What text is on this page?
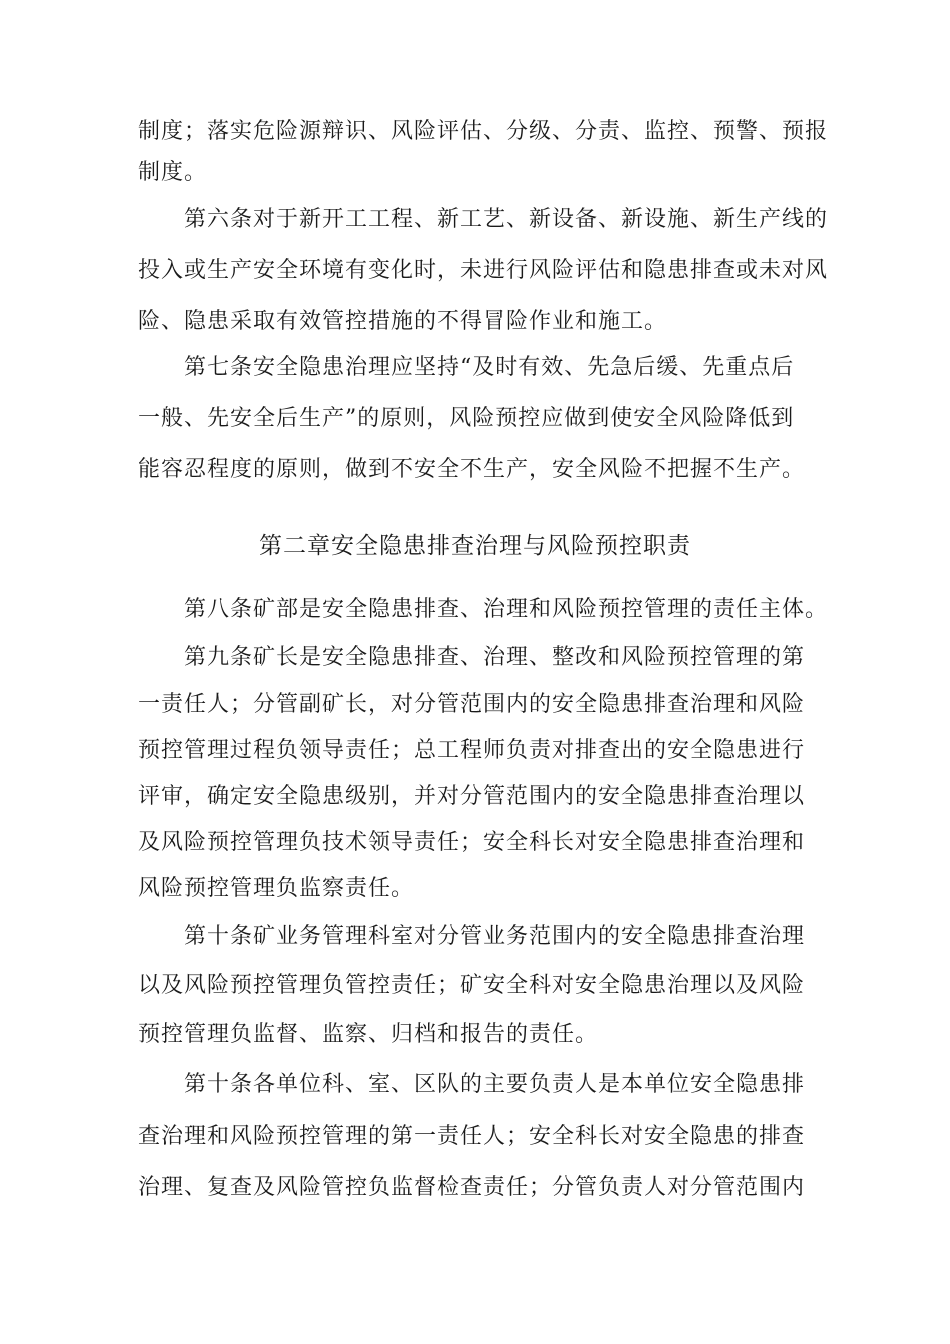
制度；落实危险源辩识、风险评估、分级、分责、监控、预警、预报
制度。
第六条对于新开工工程、新工艺、新设备、新设施、新生产线的
投入或生产安全环境有变化时，未进行风险评估和隐患排查或未对风
险、隐患采取有效管控措施的不得冒险作业和施工。
第七条安全隐患治理应坚持“及时有效、先急后缓、先重点后
一般、先安全后生产”的原则，风险预控应做到使安全风险降低到
能容忍程度的原则，做到不安全不生产，安全风险不把握不生产。
第二章安全隐患排查治理与风险预控职责
第八条矿部是安全隐患排查、治理和风险预控管理的责任主体。
第九条矿长是安全隐患排查、治理、整改和风险预控管理的第
一责任人；分管副矿长，对分管范围内的安全隐患排查治理和风险
预控管理过程负领导责任；总工程师负责对排查出的安全隐患进行
评审，确定安全隐患级别，并对分管范围内的安全隐患排查治理以
及风险预控管理负技术领导责任；安全科长对安全隐患排查治理和
风险预控管理负监察责任。
第十条矿业务管理科室对分管业务范围内的安全隐患排查治理
以及风险预控管理负管控责任；矿安全科对安全隐患治理以及风险
预控管理负监督、监察、归档和报告的责任。
第十条各单位科、室、区队的主要负责人是本单位安全隐患排
查治理和风险预控管理的第一责任人；安全科长对安全隐患的排查
治理、复查及风险管控负监督检查责任；分管负责人对分管范围内
